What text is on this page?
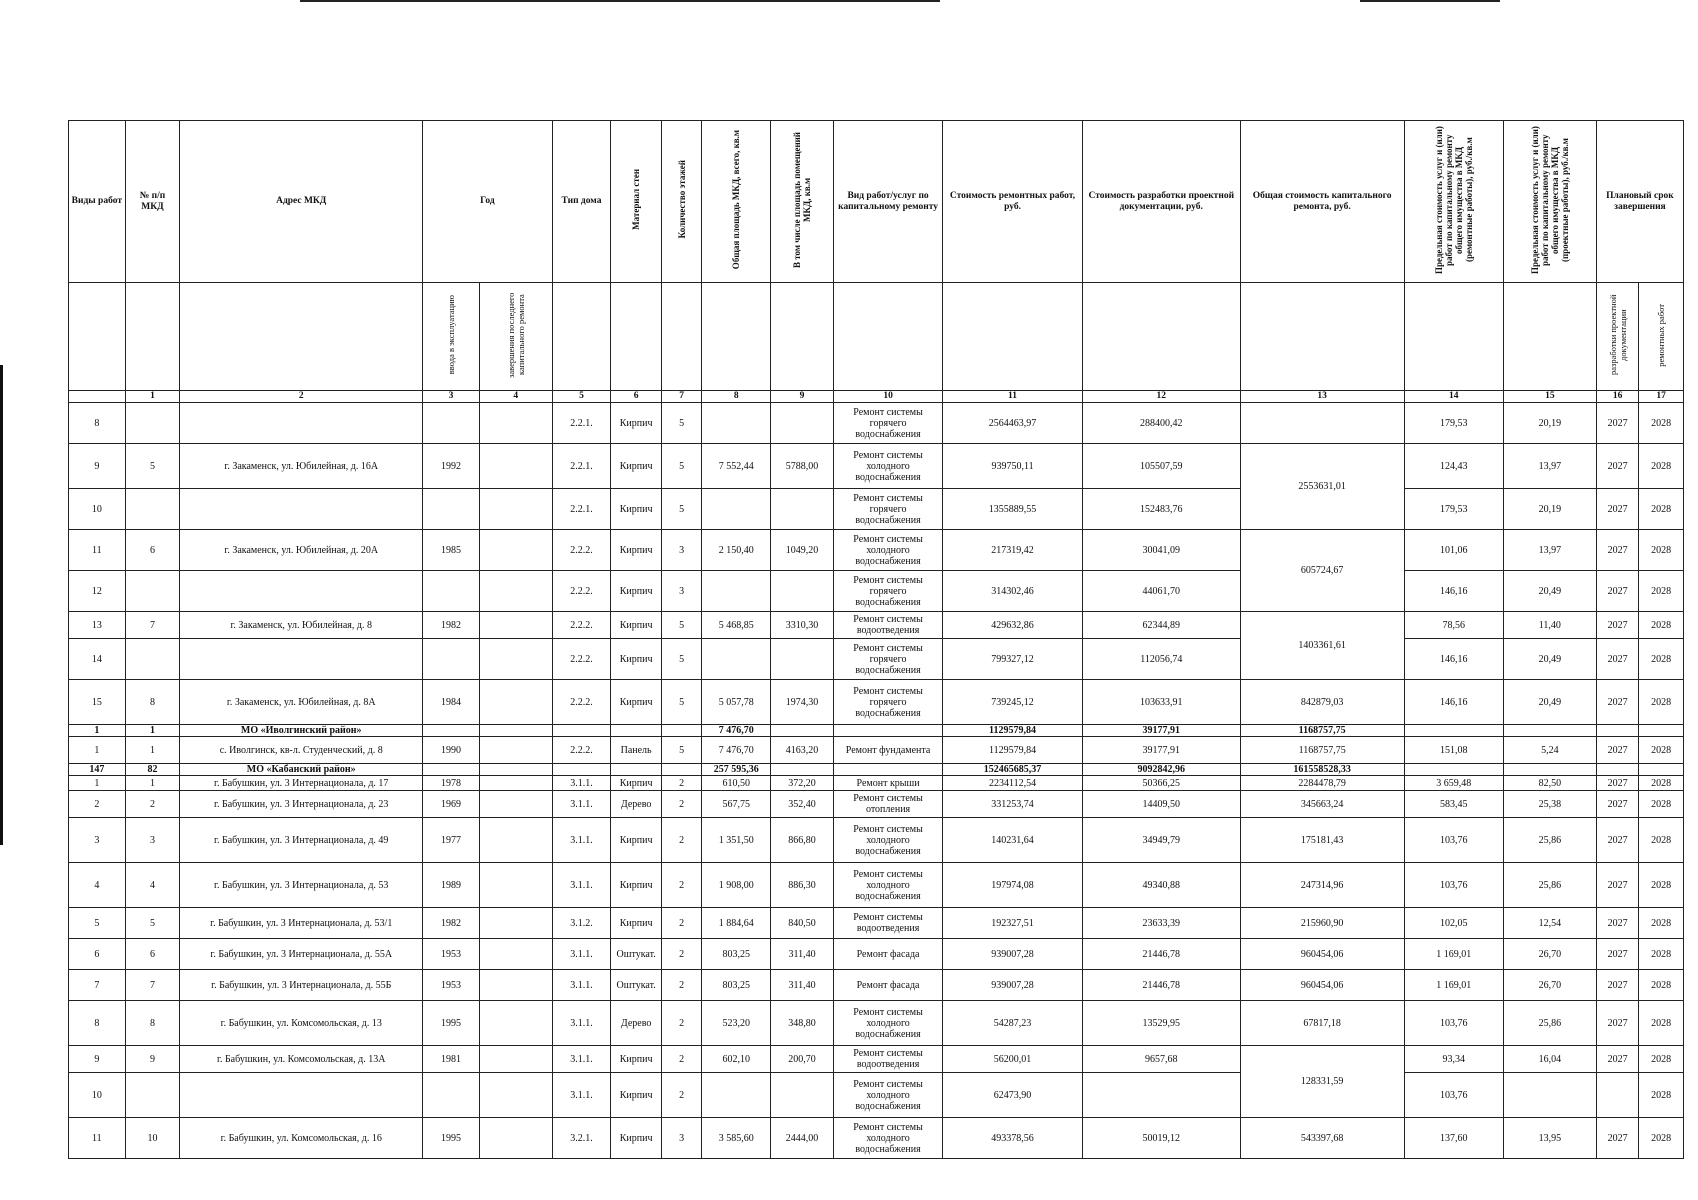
Виды работ	№ п/п МКД	Адрес МКД	Год		Тип дома	Материал стен	Количество этажей	Общая площадь МКД, всего, кв.м	В том числе площадь помещений МКД, кв.м	Вид работ/услуг по капитальному ремонту	Стоимость ремонтных работ, руб.	Стоимость разработки проектной документации, руб.	Общая стоимость капитального ремонта, руб.	Предельная стоимость услуг и (или) работ по капитальному ремонту общего имущества в МКД (ремонтные работы), руб./кв.м	Предельная стоимость услуг и (или) работ по капитальному ремонту общего имущества в МКД (проектные работы), руб./кв.м	Плановый срок завершения	
			ввода в эксплуатацию	завершения последнего капитального ремонта												разработки проектной документации	ремонтных работ
	1	2	3	4	5	6	7	8	9	10	11	12	13	14	15	16	17
8					2.2.1.	Кирпич	5			Ремонт системы горячего водоснабжения	2564463,97	288400,42		179,53	20,19	2027	2028
9	5	г. Закаменск, ул. Юбилейная, д. 16А	1992		2.2.1.	Кирпич	5	7 552,44	5788,00	Ремонт системы холодного водоснабжения	939750,11	105507,59	2553631,01	124,43	13,97	2027	2028
10					2.2.1.	Кирпич	5			Ремонт системы горячего водоснабжения	1355889,55	152483,76		179,53	20,19	2027	2028
11	6	г. Закаменск, ул. Юбилейная, д. 20А	1985		2.2.2.	Кирпич	3	2 150,40	1049,20	Ремонт системы холодного водоснабжения	217319,42	30041,09	605724,67	101,06	13,97	2027	2028
12					2.2.2.	Кирпич	3			Ремонт системы горячего водоснабжения	314302,46	44061,70		146,16	20,49	2027	2028
13	7	г. Закаменск, ул. Юбилейная, д. 8	1982		2.2.2.	Кирпич	5	5 468,85	3310,30	Ремонт системы водоотведения	429632,86	62344,89	1403361,61	78,56	11,40	2027	2028
14					2.2.2.	Кирпич	5			Ремонт системы горячего водоснабжения	799327,12	112056,74		146,16	20,49	2027	2028
15	8	г. Закаменск, ул. Юбилейная, д. 8А	1984		2.2.2.	Кирпич	5	5 057,78	1974,30	Ремонт системы горячего водоснабжения	739245,12	103633,91	842879,03	146,16	20,49	2027	2028
1	1	МО «Иволгинский район»						7 476,70			1129579,84	39177,91	1168757,75				
1	1	с. Иволгинск, кв-л. Студенческий, д. 8	1990		2.2.2.	Панель	5	7 476,70	4163,20	Ремонт фундамента	1129579,84	39177,91	1168757,75	151,08	5,24	2027	2028
147	82	МО «Кабанский район»						257 595,36			152465685,37	9092842,96	161558528,33				
1	1	г. Бабушкин, ул. 3 Интернационала, д. 17	1978		3.1.1.	Кирпич	2	610,50	372,20	Ремонт крыши	2234112,54	50366,25	2284478,79	3 659,48	82,50	2027	2028
2	2	г. Бабушкин, ул. 3 Интернационала, д. 23	1969		3.1.1.	Дерево	2	567,75	352,40	Ремонт системы отопления	331253,74	14409,50	345663,24	583,45	25,38	2027	2028
3	3	г. Бабушкин, ул. 3 Интернационала, д. 49	1977		3.1.1.	Кирпич	2	1 351,50	866,80	Ремонт системы холодного водоснабжения	140231,64	34949,79	175181,43	103,76	25,86	2027	2028
4	4	г. Бабушкин, ул. 3 Интернационала, д. 53	1989		3.1.1.	Кирпич	2	1 908,00	886,30	Ремонт системы холодного водоснабжения	197974,08	49340,88	247314,96	103,76	25,86	2027	2028
5	5	г. Бабушкин, ул. 3 Интернационала, д. 53/1	1982		3.1.2.	Кирпич	2	1 884,64	840,50	Ремонт системы водоотведения	192327,51	23633,39	215960,90	102,05	12,54	2027	2028
6	6	г. Бабушкин, ул. 3 Интернационала, д. 55А	1953		3.1.1.	Оштукат.	2	803,25	311,40	Ремонт фасада	939007,28	21446,78	960454,06	1 169,01	26,70	2027	2028
7	7	г. Бабушкин, ул. 3 Интернационала, д. 55Б	1953		3.1.1.	Оштукат.	2	803,25	311,40	Ремонт фасада	939007,28	21446,78	960454,06	1 169,01	26,70	2027	2028
8	8	г. Бабушкин, ул. Комсомольская, д. 13	1995		3.1.1.	Дерево	2	523,20	348,80	Ремонт системы холодного водоснабжения	54287,23	13529,95	67817,18	103,76	25,86	2027	2028
9	9	г. Бабушкин, ул. Комсомольская, д. 13А	1981		3.1.1.	Кирпич	2	602,10	200,70	Ремонт системы водоотведения	56200,01	9657,68	128331,59	93,34	16,04	2027	2028
10					3.1.1.	Кирпич	2			Ремонт системы холодного водоснабжения	62473,90			103,76			2028
11	10	г. Бабушкин, ул. Комсомольская, д. 16	1995		3.2.1.	Кирпич	3	3 585,60	2444,00	Ремонт системы холодного водоснабжения	493378,56	50019,12	543397,68	137,60	13,95	2027	2028
